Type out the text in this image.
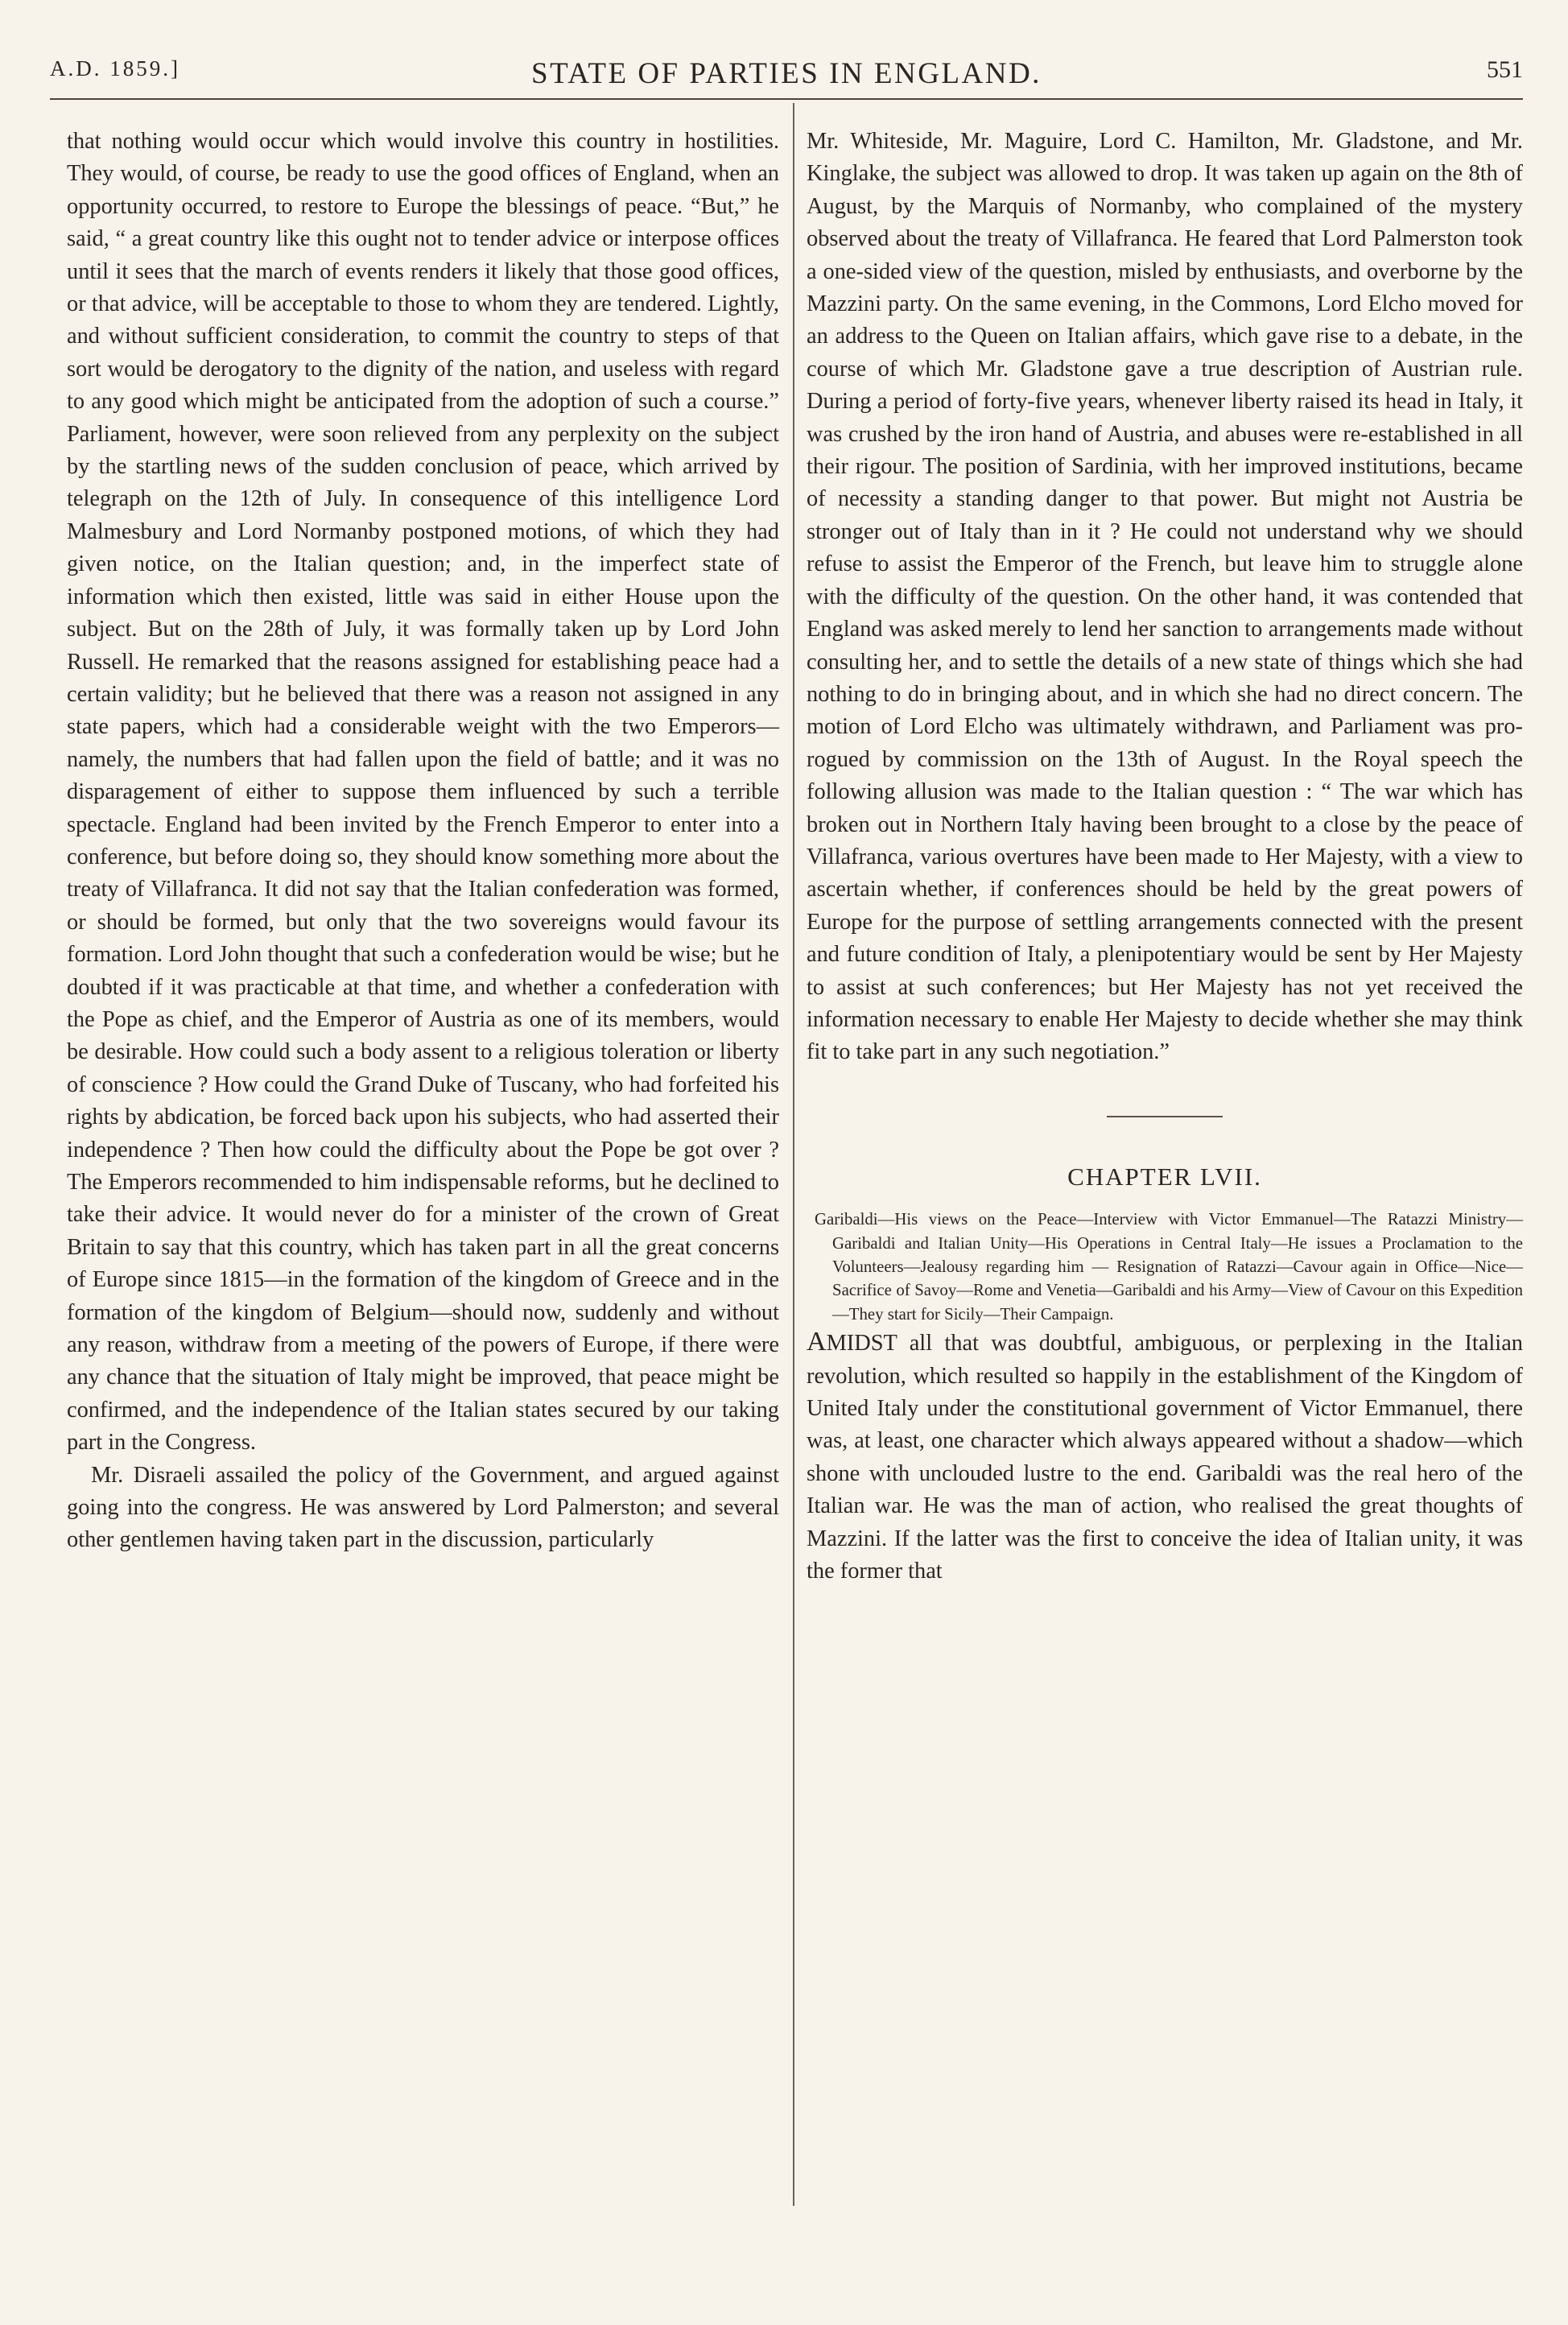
A.D. 1859.]	STATE OF PARTIES IN ENGLAND.	551

that nothing would occur which would involve this country in hostilities. They would, of course, be ready to use the good offices of England, when an opportunity occurred, to restore to Europe the blessings of peace. “But,” he said, “ a great country like this ought not to tender advice or interpose offices until it sees that the march of events renders it likely that those good offices, or that advice, will be acceptable to those to whom they are tendered. Lightly, and without sufficient consideration, to commit the country to steps of that sort would be derogatory to the dignity of the nation, and useless with regard to any good which might be anticipated from the adoption of such a course.” Parliament, however, were soon relieved from any perplexity on the subject by the startling news of the sudden conclusion of peace, which arrived by telegraph on the 12th of July. In consequence of this intelligence Lord Malmesbury and Lord Normanby postponed motions, of which they had given notice, on the Italian question; and, in the imperfect state of information which then existed, little was said in either House upon the subject. But on the 28th of July, it was formally taken up by Lord John Russell. He remarked that the reasons assigned for establishing peace had a certain validity; but he believed that there was a reason not assigned in any state papers, which had a considerable weight with the two Emperors—namely, the numbers that had fallen upon the field of battle; and it was no disparagement of either to suppose them influenced by such a terrible spectacle. England had been invited by the French Emperor to enter into a conference, but before doing so, they should know something more about the treaty of Villafranca. It did not say that the Italian confederation was formed, or should be formed, but only that the two sovereigns would favour its formation. Lord John thought that such a confederation would be wise; but he doubted if it was practicable at that time, and whether a confederation with the Pope as chief, and the Emperor of Austria as one of its members, would be desirable. How could such a body assent to a religious toleration or liberty of conscience ? How could the Grand Duke of Tuscany, who had forfeited his rights by abdication, be forced back upon his subjects, who had asserted their independence ? Then how could the difficulty about the Pope be got over ? The Emperors recommended to him indispensable reforms, but he declined to take their advice. It would never do for a minister of the crown of Great Britain to say that this country, which has taken part in all the great concerns of Europe since 1815—in the formation of the kingdom of Greece and in the formation of the kingdom of Belgium—should now, suddenly and without any reason, withdraw from a meeting of the powers of Europe, if there were any chance that the situation of Italy might be improved, that peace might be confirmed, and the independence of the Italian states secured by our taking part in the Congress.

Mr. Disraeli assailed the policy of the Government, and argued against going into the congress. He was answered by Lord Palmerston; and several other gentlemen having taken part in the discussion, particularly

Mr. Whiteside, Mr. Maguire, Lord C. Hamilton, Mr. Gladstone, and Mr. Kinglake, the subject was allowed to drop. It was taken up again on the 8th of August, by the Marquis of Normanby, who complained of the mystery observed about the treaty of Villafranca. He feared that Lord Palmerston took a one-sided view of the question, misled by enthusiasts, and overborne by the Mazzini party. On the same evening, in the Commons, Lord Elcho moved for an address to the Queen on Italian affairs, which gave rise to a debate, in the course of which Mr. Gladstone gave a true description of Austrian rule. During a period of forty-five years, whenever liberty raised its head in Italy, it was crushed by the iron hand of Austria, and abuses were re-established in all their rigour. The position of Sardinia, with her improved institutions, became of necessity a standing danger to that power. But might not Austria be stronger out of Italy than in it ? He could not understand why we should refuse to assist the Emperor of the French, but leave him to struggle alone with the difficulty of the question. On the other hand, it was contended that England was asked merely to lend her sanction to arrangements made without consulting her, and to settle the details of a new state of things which she had nothing to do in bringing about, and in which she had no direct concern. The motion of Lord Elcho was ultimately withdrawn, and Parliament was prorogued by commission on the 13th of August. In the Royal speech the following allusion was made to the Italian question : “ The war which has broken out in Northern Italy having been brought to a close by the peace of Villafranca, various overtures have been made to Her Majesty, with a view to ascertain whether, if conferences should be held by the great powers of Europe for the purpose of settling arrangements connected with the present and future condition of Italy, a plenipotentiary would be sent by Her Majesty to assist at such conferences; but Her Majesty has not yet received the information necessary to enable Her Majesty to decide whether she may think fit to take part in any such negotiation.”

CHAPTER LVII.

Garibaldi—His views on the Peace—Interview with Victor Emmanuel—The Ratazzi Ministry—Garibaldi and Italian Unity—His Operations in Central Italy—He issues a Proclamation to the Volunteers—Jealousy regarding him — Resignation of Ratazzi—Cavour again in Office—Nice—Sacrifice of Savoy—Rome and Venetia—Garibaldi and his Army—View of Cavour on this Expedition—They start for Sicily—Their Campaign.

AMIDST all that was doubtful, ambiguous, or perplexing in the Italian revolution, which resulted so happily in the establishment of the Kingdom of United Italy under the constitutional government of Victor Emmanuel, there was, at least, one character which always appeared without a shadow—which shone with unclouded lustre to the end. Garibaldi was the real hero of the Italian war. He was the man of action, who realised the great thoughts of Mazzini. If the latter was the first to conceive the idea of Italian unity, it was the former that
